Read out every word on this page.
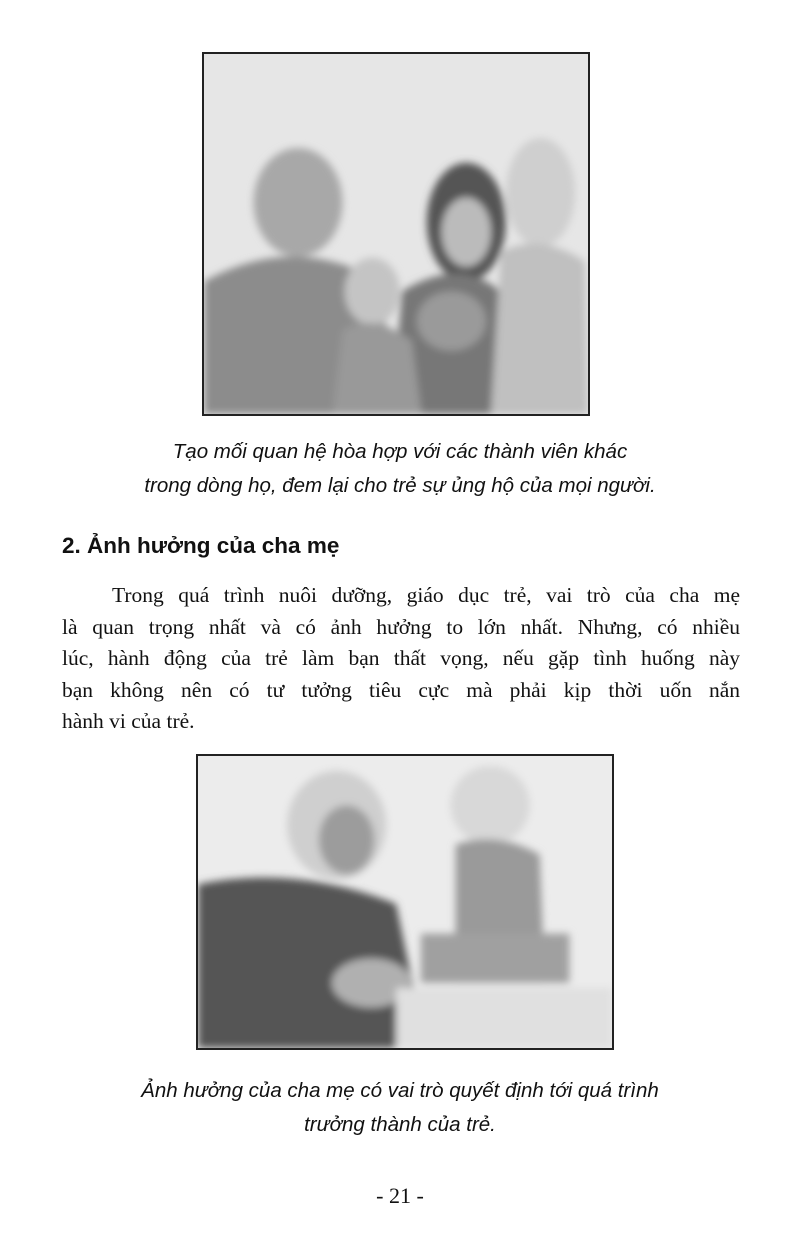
Tạo mối quan hệ hòa hợp với các thành viên khác
trong dòng họ, đem lại cho trẻ sự ủng hộ của mọi người.
2. Ảnh hưởng của cha mẹ
Trong quá trình nuôi dưỡng, giáo dục trẻ, vai trò của cha mẹ
là quan trọng nhất và có ảnh hưởng to lớn nhất. Nhưng, có nhiều
lúc, hành động của trẻ làm bạn thất vọng, nếu gặp tình huống này
bạn không nên có tư tưởng tiêu cực mà phải kịp thời uốn nắn
hành vi của trẻ.
Ảnh hưởng của cha mẹ có vai trò quyết định tới quá trình
trưởng thành của trẻ.
- 21 -
